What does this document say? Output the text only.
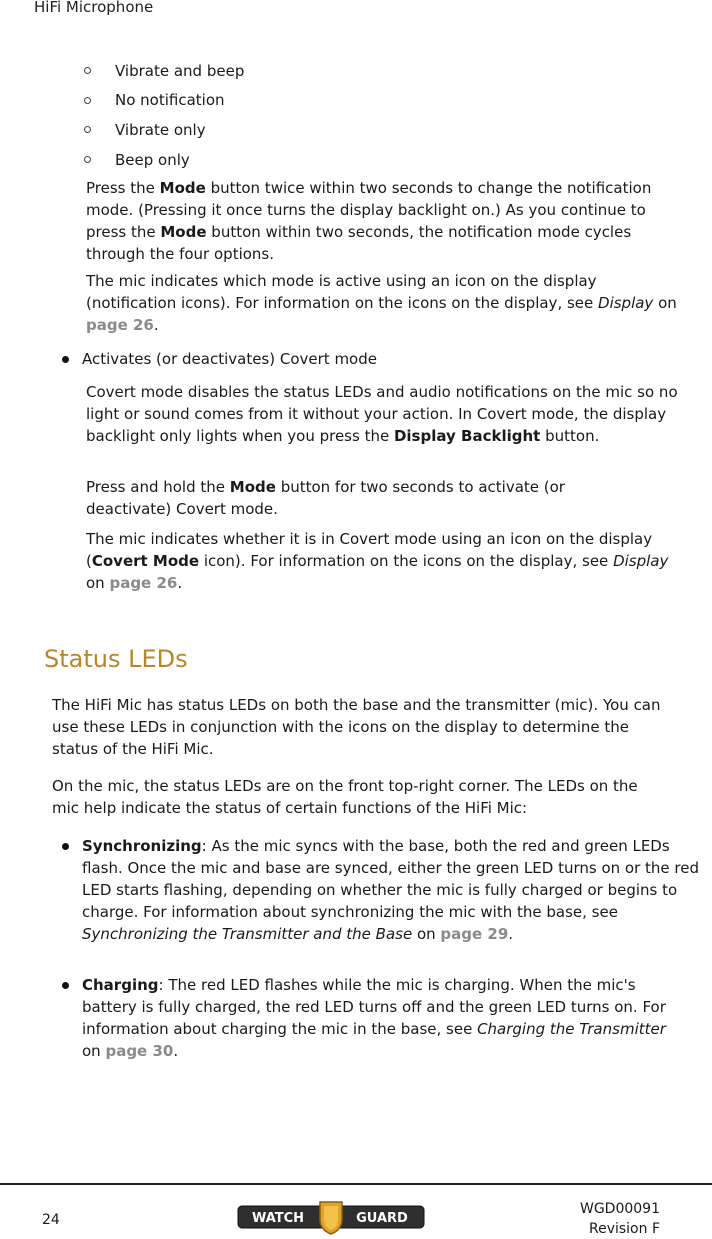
HiFi Microphone
Vibrate and beep
No notification
Vibrate only
Beep only

Press the Mode button twice within two seconds to change the notification mode. (Pressing it once turns the display backlight on.) As you continue to press the Mode button within two seconds, the notification mode cycles through the four options.

The mic indicates which mode is active using an icon on the display (notification icons). For information on the icons on the display, see Display on page 26.

Activates (or deactivates) Covert mode

Covert mode disables the status LEDs and audio notifications on the mic so no light or sound comes from it without your action. In Covert mode, the display backlight only lights when you press the Display Backlight button.

Press and hold the Mode button for two seconds to activate (or deactivate) Covert mode.

The mic indicates whether it is in Covert mode using an icon on the display (Covert Mode icon). For information on the icons on the display, see Display on page 26.

Status LEDs

The HiFi Mic has status LEDs on both the base and the transmitter (mic). You can use these LEDs in conjunction with the icons on the display to determine the status of the HiFi Mic.

On the mic, the status LEDs are on the front top-right corner. The LEDs on the mic help indicate the status of certain functions of the HiFi Mic:

Synchronizing: As the mic syncs with the base, both the red and green LEDs flash. Once the mic and base are synced, either the green LED turns on or the red LED starts flashing, depending on whether the mic is fully charged or begins to charge. For information about synchronizing the mic with the base, see Synchronizing the Transmitter and the Base on page 29.

Charging: The red LED flashes while the mic is charging. When the mic's battery is fully charged, the red LED turns off and the green LED turns on. For information about charging the mic in the base, see Charging the Transmitter on page 30.

24	WATCH	GUARD
WGD00091
Revision F
